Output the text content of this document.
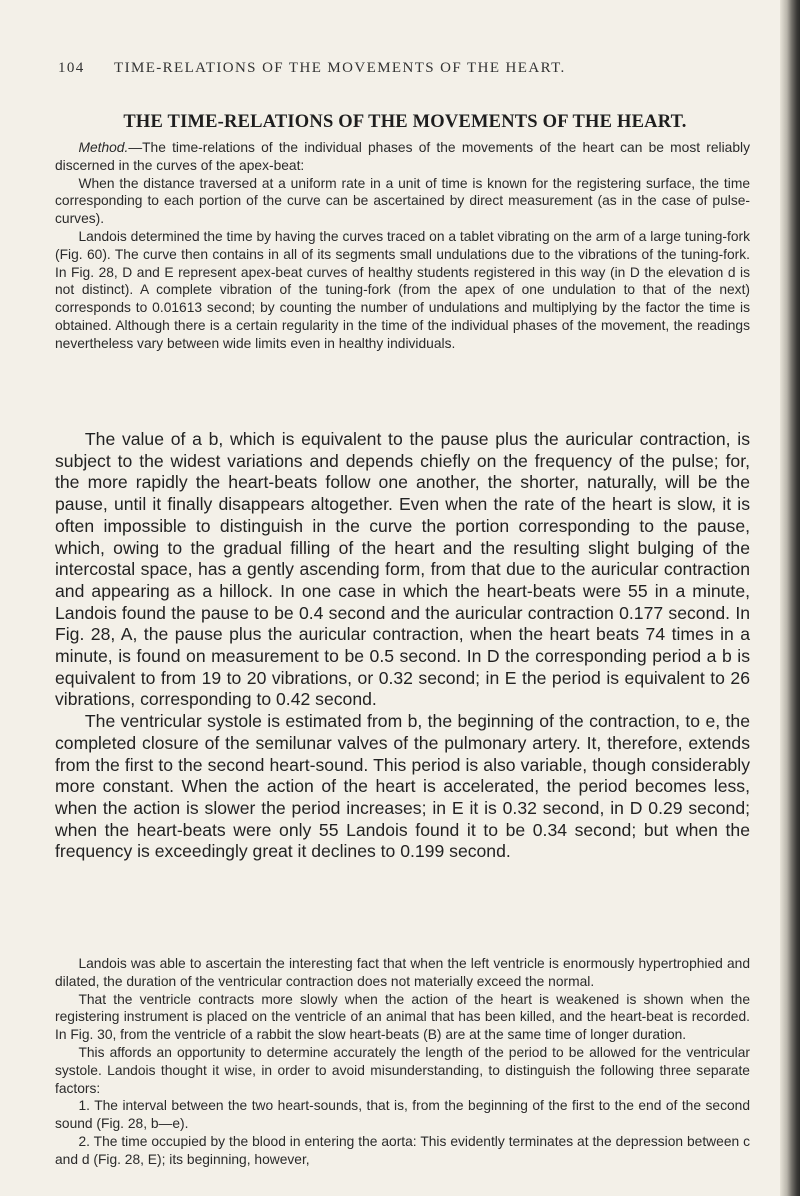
104 TIME-RELATIONS OF THE MOVEMENTS OF THE HEART.
THE TIME-RELATIONS OF THE MOVEMENTS OF THE HEART.

Method.—The time-relations of the individual phases of the movements of the heart can be most reliably discerned in the curves of the apex-beat:

When the distance traversed at a uniform rate in a unit of time is known for the registering surface, the time corresponding to each portion of the curve can be ascertained by direct measurement (as in the case of pulse-curves).

Landois determined the time by having the curves traced on a tablet vibrating on the arm of a large tuning-fork (Fig. 60). The curve then contains in all of its segments small undulations due to the vibrations of the tuning-fork. In Fig. 28, D and E represent apex-beat curves of healthy students registered in this way (in D the elevation d is not distinct). A complete vibration of the tuning-fork (from the apex of one undulation to that of the next) corresponds to 0.01613 second; by counting the number of undulations and multiplying by the factor the time is obtained. Although there is a certain regularity in the time of the individual phases of the movement, the readings nevertheless vary between wide limits even in healthy individuals.

The value of a b, which is equivalent to the pause plus the auricular contraction, is subject to the widest variations and depends chiefly on the frequency of the pulse; for, the more rapidly the heart-beats follow one another, the shorter, naturally, will be the pause, until it finally disappears altogether. Even when the rate of the heart is slow, it is often impossible to distinguish in the curve the portion corresponding to the pause, which, owing to the gradual filling of the heart and the resulting slight bulging of the intercostal space, has a gently ascending form, from that due to the auricular contraction and appearing as a hillock. In one case in which the heart-beats were 55 in a minute, Landois found the pause to be 0.4 second and the auricular contraction 0.177 second. In Fig. 28, A, the pause plus the auricular contraction, when the heart beats 74 times in a minute, is found on measurement to be 0.5 second. In D the corresponding period a b is equivalent to from 19 to 20 vibrations, or 0.32 second; in E the period is equivalent to 26 vibrations, corresponding to 0.42 second.

The ventricular systole is estimated from b, the beginning of the contraction, to e, the completed closure of the semilunar valves of the pulmonary artery. It, therefore, extends from the first to the second heart-sound. This period is also variable, though considerably more constant. When the action of the heart is accelerated, the period becomes less, when the action is slower the period increases; in E it is 0.32 second, in D 0.29 second; when the heart-beats were only 55 Landois found it to be 0.34 second; but when the frequency is exceedingly great it declines to 0.199 second.

Landois was able to ascertain the interesting fact that when the left ventricle is enormously hypertrophied and dilated, the duration of the ventricular contraction does not materially exceed the normal.

That the ventricle contracts more slowly when the action of the heart is weakened is shown when the registering instrument is placed on the ventricle of an animal that has been killed, and the heart-beat is recorded. In Fig. 30, from the ventricle of a rabbit the slow heart-beats (B) are at the same time of longer duration.

This affords an opportunity to determine accurately the length of the period to be allowed for the ventricular systole. Landois thought it wise, in order to avoid misunderstanding, to distinguish the following three separate factors:

1. The interval between the two heart-sounds, that is, from the beginning of the first to the end of the second sound (Fig. 28, b—e).

2. The time occupied by the blood in entering the aorta: This evidently terminates at the depression between c and d (Fig. 28, E); its beginning, however,
